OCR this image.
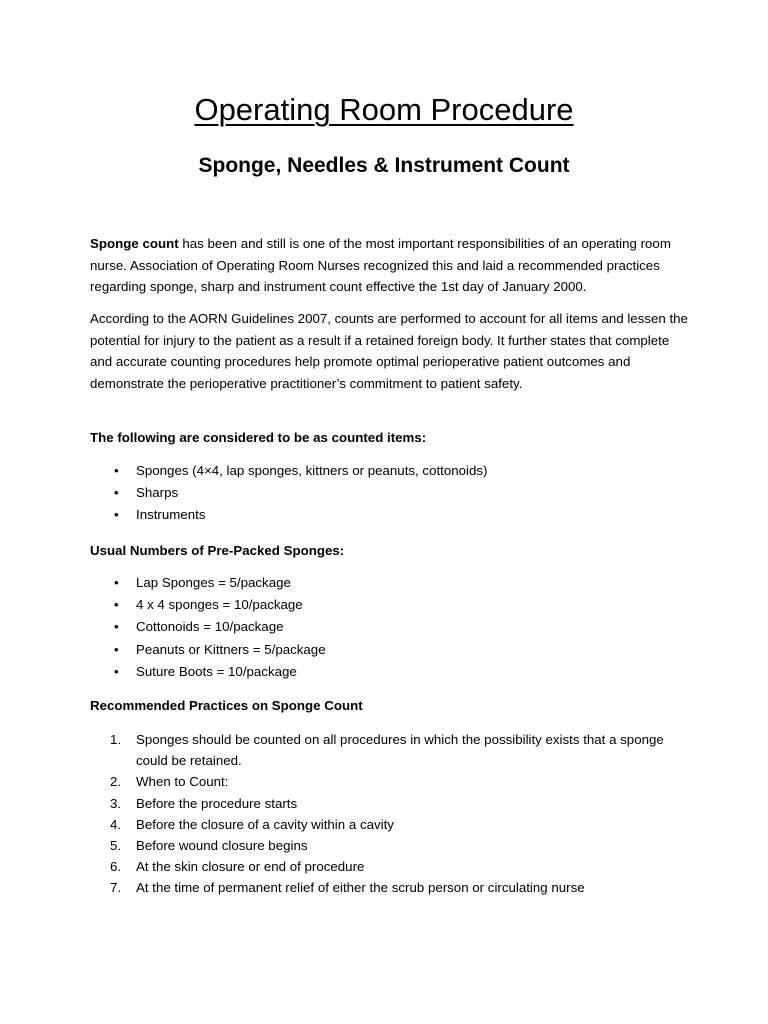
Operating Room Procedure
Sponge, Needles & Instrument Count

Sponge count has been and still is one of the most important responsibilities of an operating room nurse. Association of Operating Room Nurses recognized this and laid a recommended practices regarding sponge, sharp and instrument count effective the 1st day of January 2000.

According to the AORN Guidelines 2007, counts are performed to account for all items and lessen the potential for injury to the patient as a result if a retained foreign body. It further states that complete and accurate counting procedures help promote optimal perioperative patient outcomes and demonstrate the perioperative practitioner’s commitment to patient safety.

The following are considered to be as counted items:

• Sponges (4×4, lap sponges, kittners or peanuts, cottonoids)
• Sharps
• Instruments

Usual Numbers of Pre-Packed Sponges:

• Lap Sponges = 5/package
• 4 x 4 sponges = 10/package
• Cottonoids = 10/package
• Peanuts or Kittners = 5/package
• Suture Boots = 10/package

Recommended Practices on Sponge Count

1. Sponges should be counted on all procedures in which the possibility exists that a sponge could be retained.
2. When to Count:
3. Before the procedure starts
4. Before the closure of a cavity within a cavity
5. Before wound closure begins
6. At the skin closure or end of procedure
7. At the time of permanent relief of either the scrub person or circulating nurse
